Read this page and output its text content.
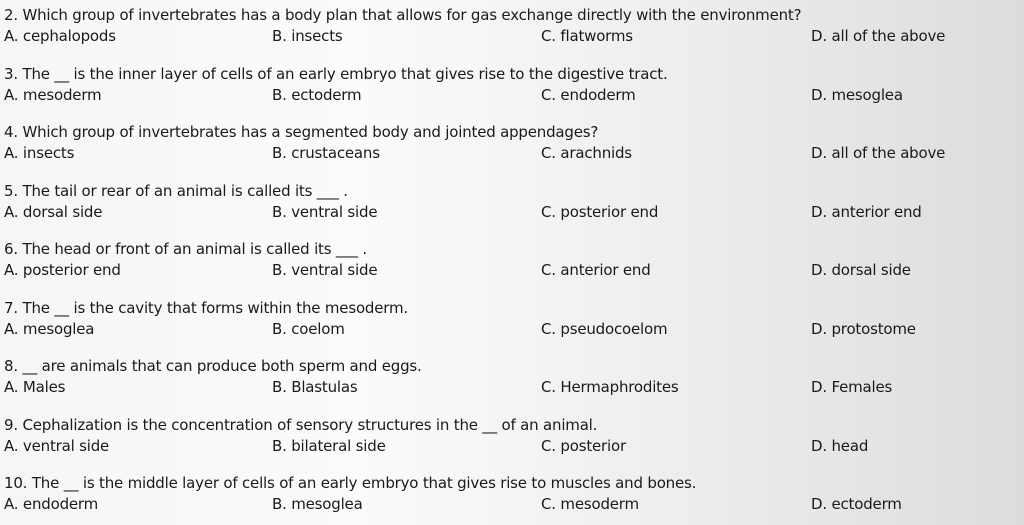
2. Which group of invertebrates has a body plan that allows for gas exchange directly with the environment?
A. cephalopods	B. insects	C. flatworms	D. all of the above
3. The __ is the inner layer of cells of an early embryo that gives rise to the digestive tract.
A. mesoderm	B. ectoderm	C. endoderm	D. mesoglea
4. Which group of invertebrates has a segmented body and jointed appendages?
A. insects	B. crustaceans	C. arachnids	D. all of the above
5. The tail or rear of an animal is called its ___ .
A. dorsal side	B. ventral side	C. posterior end	D. anterior end
6. The head or front of an animal is called its ___ .
A. posterior end	B. ventral side	C. anterior end	D. dorsal side
7. The __ is the cavity that forms within the mesoderm.
A. mesoglea	B. coelom	C. pseudocoelom	D. protostome
8. __ are animals that can produce both sperm and eggs.
A. Males	B. Blastulas	C. Hermaphrodites	D. Females
9. Cephalization is the concentration of sensory structures in the __ of an animal.
A. ventral side	B. bilateral side	C. posterior	D. head
10. The __ is the middle layer of cells of an early embryo that gives rise to muscles and bones.
A. endoderm	B. mesoglea	C. mesoderm	D. ectoderm
